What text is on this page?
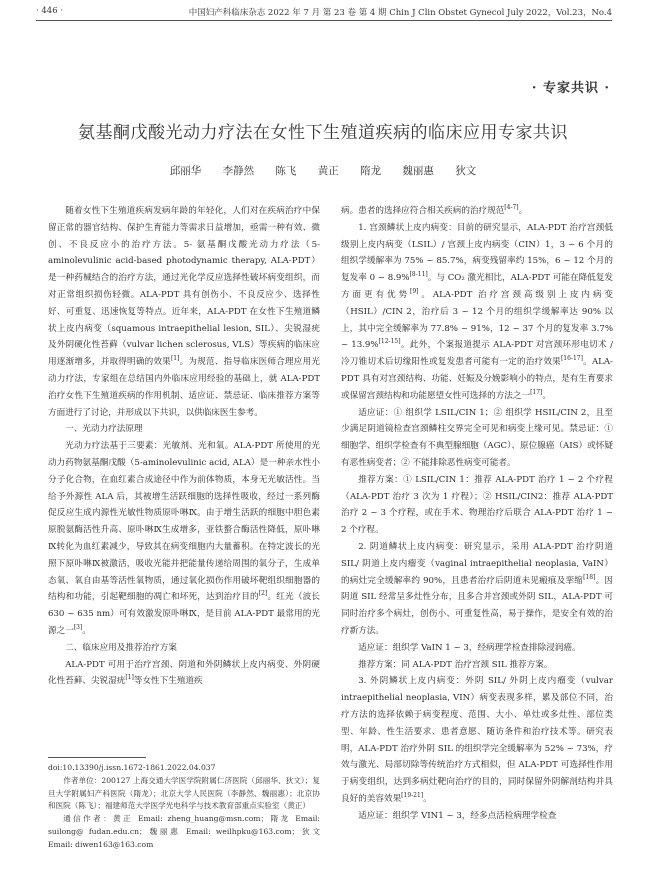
· 446 ·	中国妇产科临床杂志 2022 年 7 月 第 23 卷 第 4 期 Chin J Clin Obstet Gynecol July 2022，Vol.23，No.4
· 专家共识 ·
氨基酮戊酸光动力疗法在女性下生殖道疾病的临床应用专家共识
邱丽华 李静然 陈飞 黄正 隋龙 魏丽惠 狄文

随着女性下生殖道疾病发病年龄的年轻化，人们对在疾病治疗中保留正常的器官结构、保护生育能力等需求日益增加，亟需一种有效、微创、不良反应小的治疗方法。5- 氨基酮戊酸光动力疗法（5-aminolevulinic acid-based photodynamic therapy, ALA-PDT）是一种药械结合的治疗方法，通过光化学反应选择性破坏病变组织，而对正常组织损伤轻微。ALA-PDT 具有创伤小、不良反应少、选择性好、可重复、迅速恢复等特点。近年来，ALA-PDT 在女性下生殖道鳞状上皮内病变（squamous intraepithelial lesion, SIL）、尖锐湿疣及外阴硬化性苔藓（vulvar lichen sclerosus, VLS）等疾病的临床应用逐渐增多，并取得明确的效果[1]。为规范、指导临床医师合理应用光动力疗法，专家组在总结国内外临床应用经验的基础上，就 ALA-PDT 治疗女性下生殖道疾病的作用机制、适应证、禁忌证、临床推荐方案等方面进行了讨论，并形成以下共识，以供临床医生参考。

一、光动力疗法原理

光动力疗法基于三要素：光敏剂、光和氧。ALA-PDT 所使用的光动力药物氨基酮戊酸（5-aminolevulinic acid, ALA）是一种亲水性小分子化合物，在血红素合成途径中作为前体物质，本身无光敏活性。当给予外源性 ALA 后，其被增生活跃细胞的选择性吸收，经过一系列酶促反应生成内源性光敏性物质原卟啉Ⅸ。由于增生活跃的细胞中胆色素原脱氨酶活性升高、原卟啉Ⅸ生成增多，亚铁螯合酶活性降低，原卟啉Ⅸ转化为血红素减少，导致其在病变细胞内大量蓄积。在特定波长的光照下原卟啉Ⅸ被激活，吸收光能并把能量传递给周围的氧分子，生成单态氧、氧自由基等活性氧物质，通过氧化损伤作用破坏靶组织细胞器的结构和功能，引起靶细胞的凋亡和坏死，达到治疗目的[2]。红光（波长 630 ~ 635 nm）可有效激发原卟啉Ⅸ，是目前 ALA-PDT 最常用的光源之一[3]。

二、临床应用及推荐治疗方案

ALA-PDT 可用于治疗宫颈、阴道和外阴鳞状上皮内病变、外阴硬化性苔藓、尖锐湿疣[1]等女性下生殖道疾

病。患者的选择应符合相关疾病的治疗规范[4-7]。

1. 宫颈鳞状上皮内病变：目前的研究显示，ALA-PDT 治疗宫颈低级别上皮内病变（LSIL）/ 宫颈上皮内病变（CIN）1，3 ~ 6 个月的组织学缓解率为 75% ~ 85.7%，病变残留率约 15%，6 ~ 12 个月的复发率 0 ~ 8.9%[8-11]。与 CO₂ 激光相比，ALA-PDT 可能在降低复发方面更有优势[9]。ALA-PDT 治疗宫颈高级别上皮内病变（HSIL）/CIN 2，治疗后 3 ~ 12 个月的组织学缓解率达 90% 以上，其中完全缓解率为 77.8% ~ 91%，12 ~ 37 个月的复发率 3.7% ~ 13.9%[12-15]。此外，个案报道提示 ALA-PDT 对宫颈环形电切术 / 冷刀锥切术后切缘阳性或复发患者可能有一定的治疗效果[16-17]。ALA-PDT 具有对宫颈结构、功能、妊娠及分娩影响小的特点，是有生育要求或保留宫颈结构和功能愿望女性可选择的方法之一[17]。

适应证：① 组织学 LSIL/CIN 1；② 组织学 HSIL/CIN 2，且至少满足阴道镜检查宫颈鳞柱交界完全可见和病变上缘可见。禁忌证：① 细胞学、组织学检查有不典型腺细胞（AGC）、原位腺癌（AIS）或怀疑有恶性病变者；② 不能排除恶性病变可能者。

推荐方案：① LSIL/CIN 1：推荐 ALA-PDT 治疗 1 ~ 2 个疗程（ALA-PDT 治疗 3 次为 1 疗程）；② HSIL/CIN2：推荐 ALA-PDT 治疗 2 ~ 3 个疗程，或在手术、物理治疗后联合 ALA-PDT 治疗 1 ~ 2 个疗程。

2. 阴道鳞状上皮内病变：研究显示，采用 ALA-PDT 治疗阴道 SIL/ 阴道上皮内瘤变（vaginal intraepithelial neoplasia, VaIN）的病灶完全缓解率约 90%，且患者治疗后阴道未见瘢痕及挛缩[18]。因阴道 SIL 经常呈多灶性分布，且多合并宫颈或外阴 SIL，ALA-PDT 可同时治疗多个病灶，创伤小、可重复性高，易于操作，是安全有效的治疗新方法。

适应证：组织学 VaIN 1 ~ 3，经病理学检查排除浸润癌。

推荐方案：同 ALA-PDT 治疗宫颈 SIL 推荐方案。

3. 外阴鳞状上皮内病变：外阴 SIL/ 外阴上皮内瘤变（vulvar intraepithelial neoplasia, VIN）病变表现多样，累及部位不同，治疗方法的选择依赖于病变程度、范围、大小、单灶或多灶性、部位类型、年龄、性生活要求、患者意愿、随访条件和治疗技术等。研究表明，ALA-PDT 治疗外阴 SIL 的组织学完全缓解率为 52% ~ 73%，疗效与激光、局部切除等传统治疗方式相似，但 ALA-PDT 可选择性作用于病变组织，达到多病灶靶向治疗的目的，同时保留外阴解剖结构并具良好的美容效果[19-21]。

适应证：组织学 VIN1 ~ 3，经多点活检病理学检查

doi:10.13390/j.issn.1672-1861.2022.04.037

作者单位：200127 上海交通大学医学院附属仁济医院（邱丽华、狄文）；复旦大学附属妇产科医院（隋龙）；北京大学人民医院（李静然、魏丽惠）；北京协和医院（陈飞）；福建师范大学医学光电科学与技术教育部重点实验室（黄正）

通信作者：黄正 Email: zheng_huang@msn.com；隋龙 Email: suilong@ fudan.edu.cn；魏丽惠 Email: weilhpku@163.com；狄文 Email: diwen163@163.com
